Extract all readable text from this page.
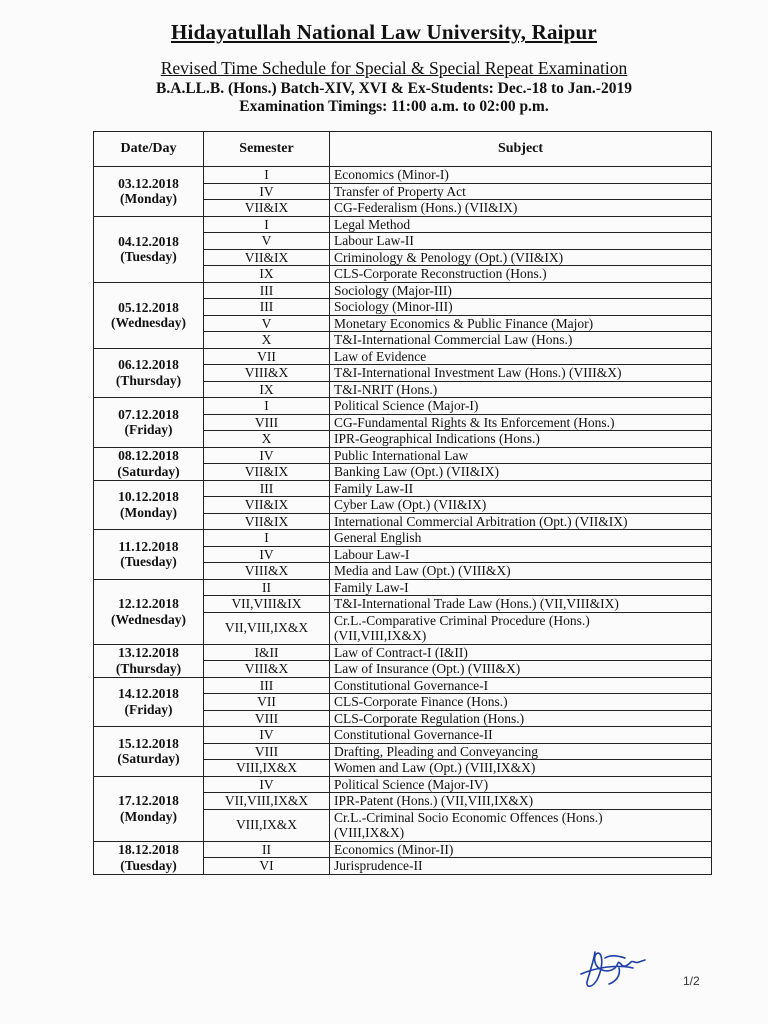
Hidayatullah National Law University, Raipur
Revised Time Schedule for Special & Special Repeat Examination
B.A.LL.B. (Hons.) Batch-XIV, XVI & Ex-Students: Dec.-18 to Jan.-2019
Examination Timings: 11:00 a.m. to 02:00 p.m.
Date/Day	Semester	Subject

03.12.2018
(Monday)	I	Economics (Minor-I)
	IV	Transfer of Property Act
	VII&IX	CG-Federalism (Hons.) (VII&IX)

04.12.2018
(Tuesday)	I	Legal Method
	V	Labour Law-II
	VII&IX	Criminology & Penology (Opt.) (VII&IX)
	IX	CLS-Corporate Reconstruction (Hons.)

05.12.2018
(Wednesday)	III	Sociology (Major-III)
	III	Sociology (Minor-III)
	V	Monetary Economics & Public Finance (Major)
	X	T&I-International Commercial Law (Hons.)

06.12.2018
(Thursday)	VII	Law of Evidence
	VIII&X	T&I-International Investment Law (Hons.) (VIII&X)
	IX	T&I-NRIT (Hons.)

07.12.2018
(Friday)	I	Political Science (Major-I)
	VIII	CG-Fundamental Rights & Its Enforcement (Hons.)
	X	IPR-Geographical Indications (Hons.)

08.12.2018
(Saturday)	IV	Public International Law
	VII&IX	Banking Law (Opt.) (VII&IX)

10.12.2018
(Monday)	III	Family Law-II
	VII&IX	Cyber Law (Opt.) (VII&IX)
	VII&IX	International Commercial Arbitration (Opt.) (VII&IX)

11.12.2018
(Tuesday)	I	General English
	IV	Labour Law-I
	VIII&X	Media and Law (Opt.) (VIII&X)

12.12.2018
(Wednesday)	II	Family Law-I
	VII,VIII&IX	T&I-International Trade Law (Hons.) (VII,VIII&IX)
	VII,VIII,IX&X	Cr.L.-Comparative Criminal Procedure (Hons.)
(VII,VIII,IX&X)

13.12.2018
(Thursday)	I&II	Law of Contract-I (I&II)
	VIII&X	Law of Insurance (Opt.) (VIII&X)

14.12.2018
(Friday)	III	Constitutional Governance-I
	VII	CLS-Corporate Finance (Hons.)
	VIII	CLS-Corporate Regulation (Hons.)

15.12.2018
(Saturday)	IV	Constitutional Governance-II
	VIII	Drafting, Pleading and Conveyancing
	VIII,IX&X	Women and Law (Opt.) (VIII,IX&X)

17.12.2018
(Monday)	IV	Political Science (Major-IV)
	VII,VIII,IX&X	IPR-Patent (Hons.) (VII,VIII,IX&X)
	VIII,IX&X	Cr.L.-Criminal Socio Economic Offences (Hons.)
(VIII,IX&X)

18.12.2018
(Tuesday)	II	Economics (Minor-II)
	VI	Jurisprudence-II
1/2
